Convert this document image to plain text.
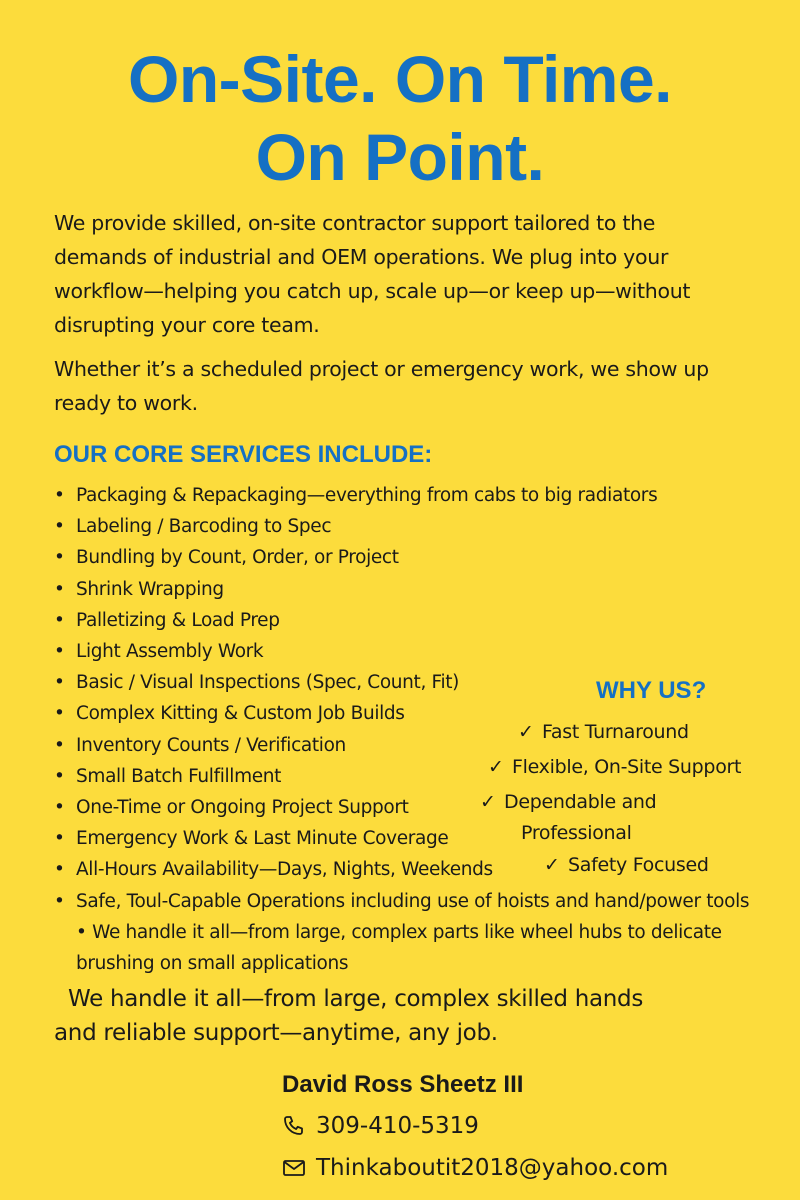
On-Site. On Time.
On Point.

We provide skilled, on-site contractor support tailored to the demands of industrial and OEM operations. We plug into your workflow—helping you catch up, scale up—or keep up—without disrupting your core team.

Whether it’s a scheduled project or emergency work, we show up ready to work.

OUR CORE SERVICES INCLUDE:
• Packaging & Repackaging—everything from cabs to big radiators
• Labeling / Barcoding to Spec
• Bundling by Count, Order, or Project
• Shrink Wrapping
• Palletizing & Load Prep
• Light Assembly Work
• Basic / Visual Inspections (Spec, Count, Fit)
• Complex Kitting & Custom Job Builds
• Inventory Counts / Verification
• Small Batch Fulfillment
• One-Time or Ongoing Project Support
• Emergency Work & Last Minute Coverage
• All-Hours Availability—Days, Nights, Weekends
• Safe, Toul-Capable Operations including use of hoists and hand/power tools • We handle it all—from large, complex parts like wheel hubs to delicate brushing on small applications
WHY US?
✓ Fast Turnaround
✓ Flexible, On-Site Support
✓ Dependable and
Professional
✓ Safety Focused
We handle it all—from large, complex skilled hands
and reliable support—anytime, any job.
David Ross Sheetz III
309-410-5319
Thinkaboutit2018@yahoo.com
